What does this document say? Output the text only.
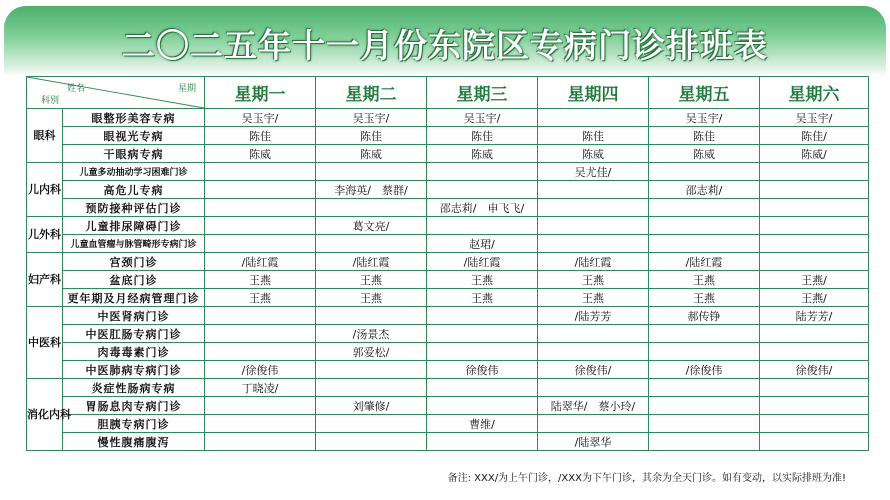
二〇二五年十一月份东院区专病门诊排班表
姓名 星期
科别		星期一	星期二	星期三	星期四	星期五	星期六
眼科	眼整形美容专病	吴玉宇/	吴玉宇/	吴玉宇/		吴玉宇/	吴玉宇/
	眼视光专病	陈佳	陈佳	陈佳	陈佳	陈佳	陈佳/
	干眼病专病	陈威	陈威	陈威	陈威	陈威	陈威/
儿内科	儿童多动抽动学习困难门诊				吴尤佳/		
	高危儿专病		李海英/　蔡群/			邵志莉/	
	预防接种评估门诊			邵志莉/　申飞飞/			
儿外科	儿童排尿障碍门诊		葛文亮/				
	儿童血管瘤与脉管畸形专病门诊			赵珺/			
妇产科	宫颈门诊	/陆红霞	/陆红霞	/陆红霞	/陆红霞	/陆红霞	
	盆底门诊	王燕	王燕	王燕	王燕	王燕	王燕/
	更年期及月经病管理门诊	王燕	王燕	王燕	王燕	王燕	王燕/
中医科	中医肾病门诊				/陆芳芳	郝传铮	陆芳芳/
	中医肛肠专病门诊		/汤景杰				
	肉毒毒素门诊		郭爱松/				
	中医肺病专病门诊	/徐俊伟		徐俊伟	徐俊伟/	/徐俊伟	徐俊伟/
消化内科	炎症性肠病专病	丁晓凌/					
	胃肠息肉专病门诊		刘肇修/		陆翠华/　蔡小玲/		
	胆胰专病门诊			曹维/			
	慢性腹痛腹泻				/陆翠华		
备注: XXX/为上午门诊，/XXX为下午门诊，其余为全天门诊。如有变动，以实际排班为准!
